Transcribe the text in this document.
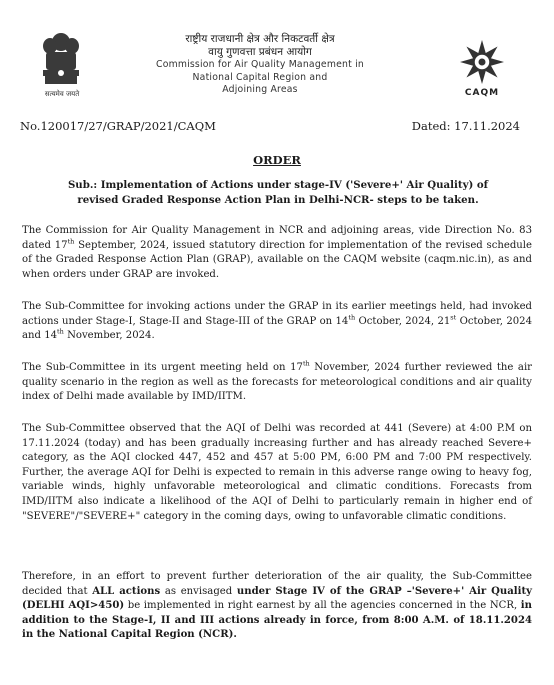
सत्यमेव जयते
राष्ट्रीय राजधानी क्षेत्र और निकटवर्ती क्षेत्र
वायु गुणवत्ता प्रबंधन आयोग
Commission for Air Quality Management in
National Capital Region and
Adjoining Areas	CAQM
No.120017/27/GRAP/2021/CAQM	Dated: 17.11.2024
ORDER
Sub.: Implementation of Actions under stage-IV ('Severe+' Air Quality) of
revised Graded Response Action Plan in Delhi-NCR- steps to be taken.
The Commission for Air Quality Management in NCR and adjoining areas, vide Direction No. 83 dated 17th September, 2024, issued statutory direction for implementation of the revised schedule of the Graded Response Action Plan (GRAP), available on the CAQM website (caqm.nic.in), as and when orders under GRAP are invoked.
The Sub-Committee for invoking actions under the GRAP in its earlier meetings held, had invoked actions under Stage-I, Stage-II and Stage-III of the GRAP on 14th October, 2024, 21st October, 2024 and 14th November, 2024.
The Sub-Committee in its urgent meeting held on 17th November, 2024 further reviewed the air quality scenario in the region as well as the forecasts for meteorological conditions and air quality index of Delhi made available by IMD/IITM.
The Sub-Committee observed that the AQI of Delhi was recorded at 441 (Severe) at 4:00 P.M on 17.11.2024 (today) and has been gradually increasing further and has already reached Severe+ category, as the AQI clocked 447, 452 and 457 at 5:00 PM, 6:00 PM and 7:00 PM respectively. Further, the average AQI for Delhi is expected to remain in this adverse range owing to heavy fog, variable winds, highly unfavorable meteorological and climatic conditions. Forecasts from IMD/IITM also indicate a likelihood of the AQI of Delhi to particularly remain in higher end of "SEVERE"/"SEVERE+" category in the coming days, owing to unfavorable climatic conditions.
Therefore, in an effort to prevent further deterioration of the air quality, the Sub-Committee decided that ALL actions as envisaged under Stage IV of the GRAP –'Severe+' Air Quality (DELHI AQI>450) be implemented in right earnest by all the agencies concerned in the NCR, in addition to the Stage-I, II and III actions already in force, from 8:00 A.M. of 18.11.2024 in the National Capital Region (NCR).
